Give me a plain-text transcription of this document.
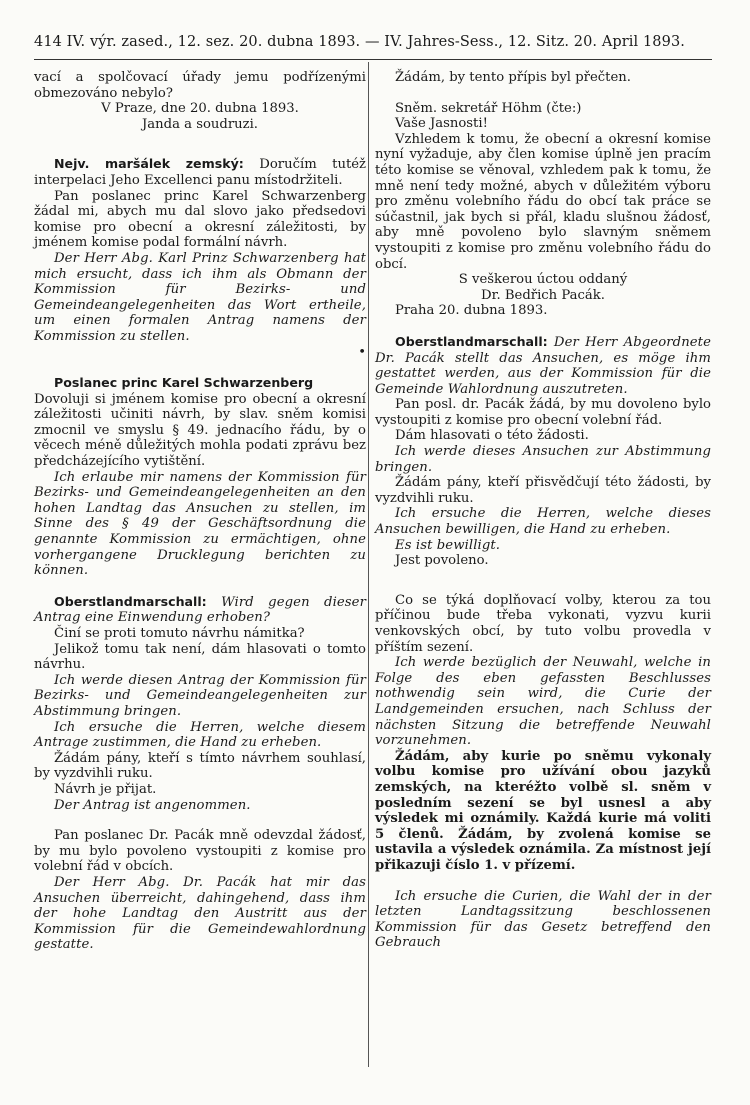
414 IV. výr. zased., 12. sez. 20. dubna 1893. — IV. Jahres-Sess., 12. Sitz. 20. April 1893.

vací a spolčovací úřady jemu podřízenými obmezováno nebylo?

V Praze, dne 20. dubna 1893.

Janda a soudruzi.

Nejv. maršálek zemský: Doručím tutéž interpelaci Jeho Excellenci panu místodržiteli.

Pan poslanec princ Karel Schwarzenberg žádal mi, abych mu dal slovo jako předsedovi komise pro obecní a okresní záležitosti, by jménem komise podal formální návrh.

Der Herr Abg. Karl Prinz Schwarzenberg hat mich ersucht, dass ich ihm als Obmann der Kommission für Bezirks- und Gemeindeangelegenheiten das Wort ertheile, um einen formalen Antrag namens der Kommission zu stellen.

•

Poslanec princ Karel Schwarzenberg

Dovoluji si jménem komise pro obecní a okresní záležitosti učiniti návrh, by slav. sněm komisi zmocnil ve smyslu § 49. jednacího řádu, by o věcech méně důležitých mohla podati zprávu bez předcházejícího vytištění.

Ich erlaube mir namens der Kommission für Bezirks- und Gemeindeangelegenheiten an den hohen Landtag das Ansuchen zu stellen, im Sinne des § 49 der Geschäftsordnung die genannte Kommission zu ermächtigen, ohne vorhergangene Drucklegung berichten zu können.

Oberstlandmarschall: Wird gegen dieser Antrag eine Einwendung erhoben?

Činí se proti tomuto návrhu námitka?

Jelikož tomu tak není, dám hlasovati o tomto návrhu.

Ich werde diesen Antrag der Kommission für Bezirks- und Gemeindeangelegenheiten zur Abstimmung bringen.

Ich ersuche die Herren, welche diesem Antrage zustimmen, die Hand zu erheben.

Žádám pány, kteří s tímto návrhem souhlasí, by vyzdvihli ruku.

Návrh je přijat.

Der Antrag ist angenommen.

Pan poslanec Dr. Pacák mně odevzdal žádosť, by mu bylo povoleno vystoupiti z komise pro volební řád v obcích.

Der Herr Abg. Dr. Pacák hat mir das Ansuchen überreicht, dahingehend, dass ihm der hohe Landtag den Austritt aus der Kommission für die Gemeindewahlordnung gestatte.

Žádám, by tento přípis byl přečten.

Sněm. sekretář Höhm (čte:)

Vaše Jasnosti!

Vzhledem k tomu, že obecní a okresní komise nyní vyžaduje, aby člen komise úplně jen pracím této komise se věnoval, vzhledem pak k tomu, že mně není tedy možné, abych v důležitém výboru pro změnu volebního řádu do obcí tak práce se súčastnil, jak bych si přál, kladu slušnou žádosť, aby mně povoleno bylo slavným sněmem vystoupiti z komise pro změnu volebního řádu do obcí.

S veškerou úctou oddaný

Dr. Bedřich Pacák.

Praha 20. dubna 1893.

Oberstlandmarschall: Der Herr Abgeordnete Dr. Pacák stellt das Ansuchen, es möge ihm gestattet werden, aus der Kommission für die Gemeinde Wahlordnung auszutreten.

Pan posl. dr. Pacák žádá, by mu dovoleno bylo vystoupiti z komise pro obecní volební řád.

Dám hlasovati o této žádosti.

Ich werde dieses Ansuchen zur Abstimmung bringen.

Žádám pány, kteří přisvědčují této žádosti, by vyzdvihli ruku.

Ich ersuche die Herren, welche dieses Ansuchen bewilligen, die Hand zu erheben.

Es ist bewilligt.

Jest povoleno.

Co se týká doplňovací volby, kterou za tou příčinou bude třeba vykonati, vyzvu kurii venkovských obcí, by tuto volbu provedla v příštím sezení.

Ich werde bezüglich der Neuwahl, welche in Folge des eben gefassten Beschlusses nothwendig sein wird, die Curie der Landgemeinden ersuchen, nach Schluss der nächsten Sitzung die betreffende Neuwahl vorzunehmen.

Žádám, aby kurie po sněmu vykonaly volbu komise pro užívání obou jazyků zemských, na kteréžto volbě sl. sněm v posledním sezení se byl usnesl a aby výsledek mi oznámily. Každá kurie má voliti 5 členů. Žádám, by zvolená komise se ustavila a výsledek oznámila. Za místnost její přikazuji číslo 1. v přízemí.

Ich ersuche die Curien, die Wahl der in der letzten Landtagssitzung beschlossenen Kommission für das Gesetz betreffend den Gebrauch
